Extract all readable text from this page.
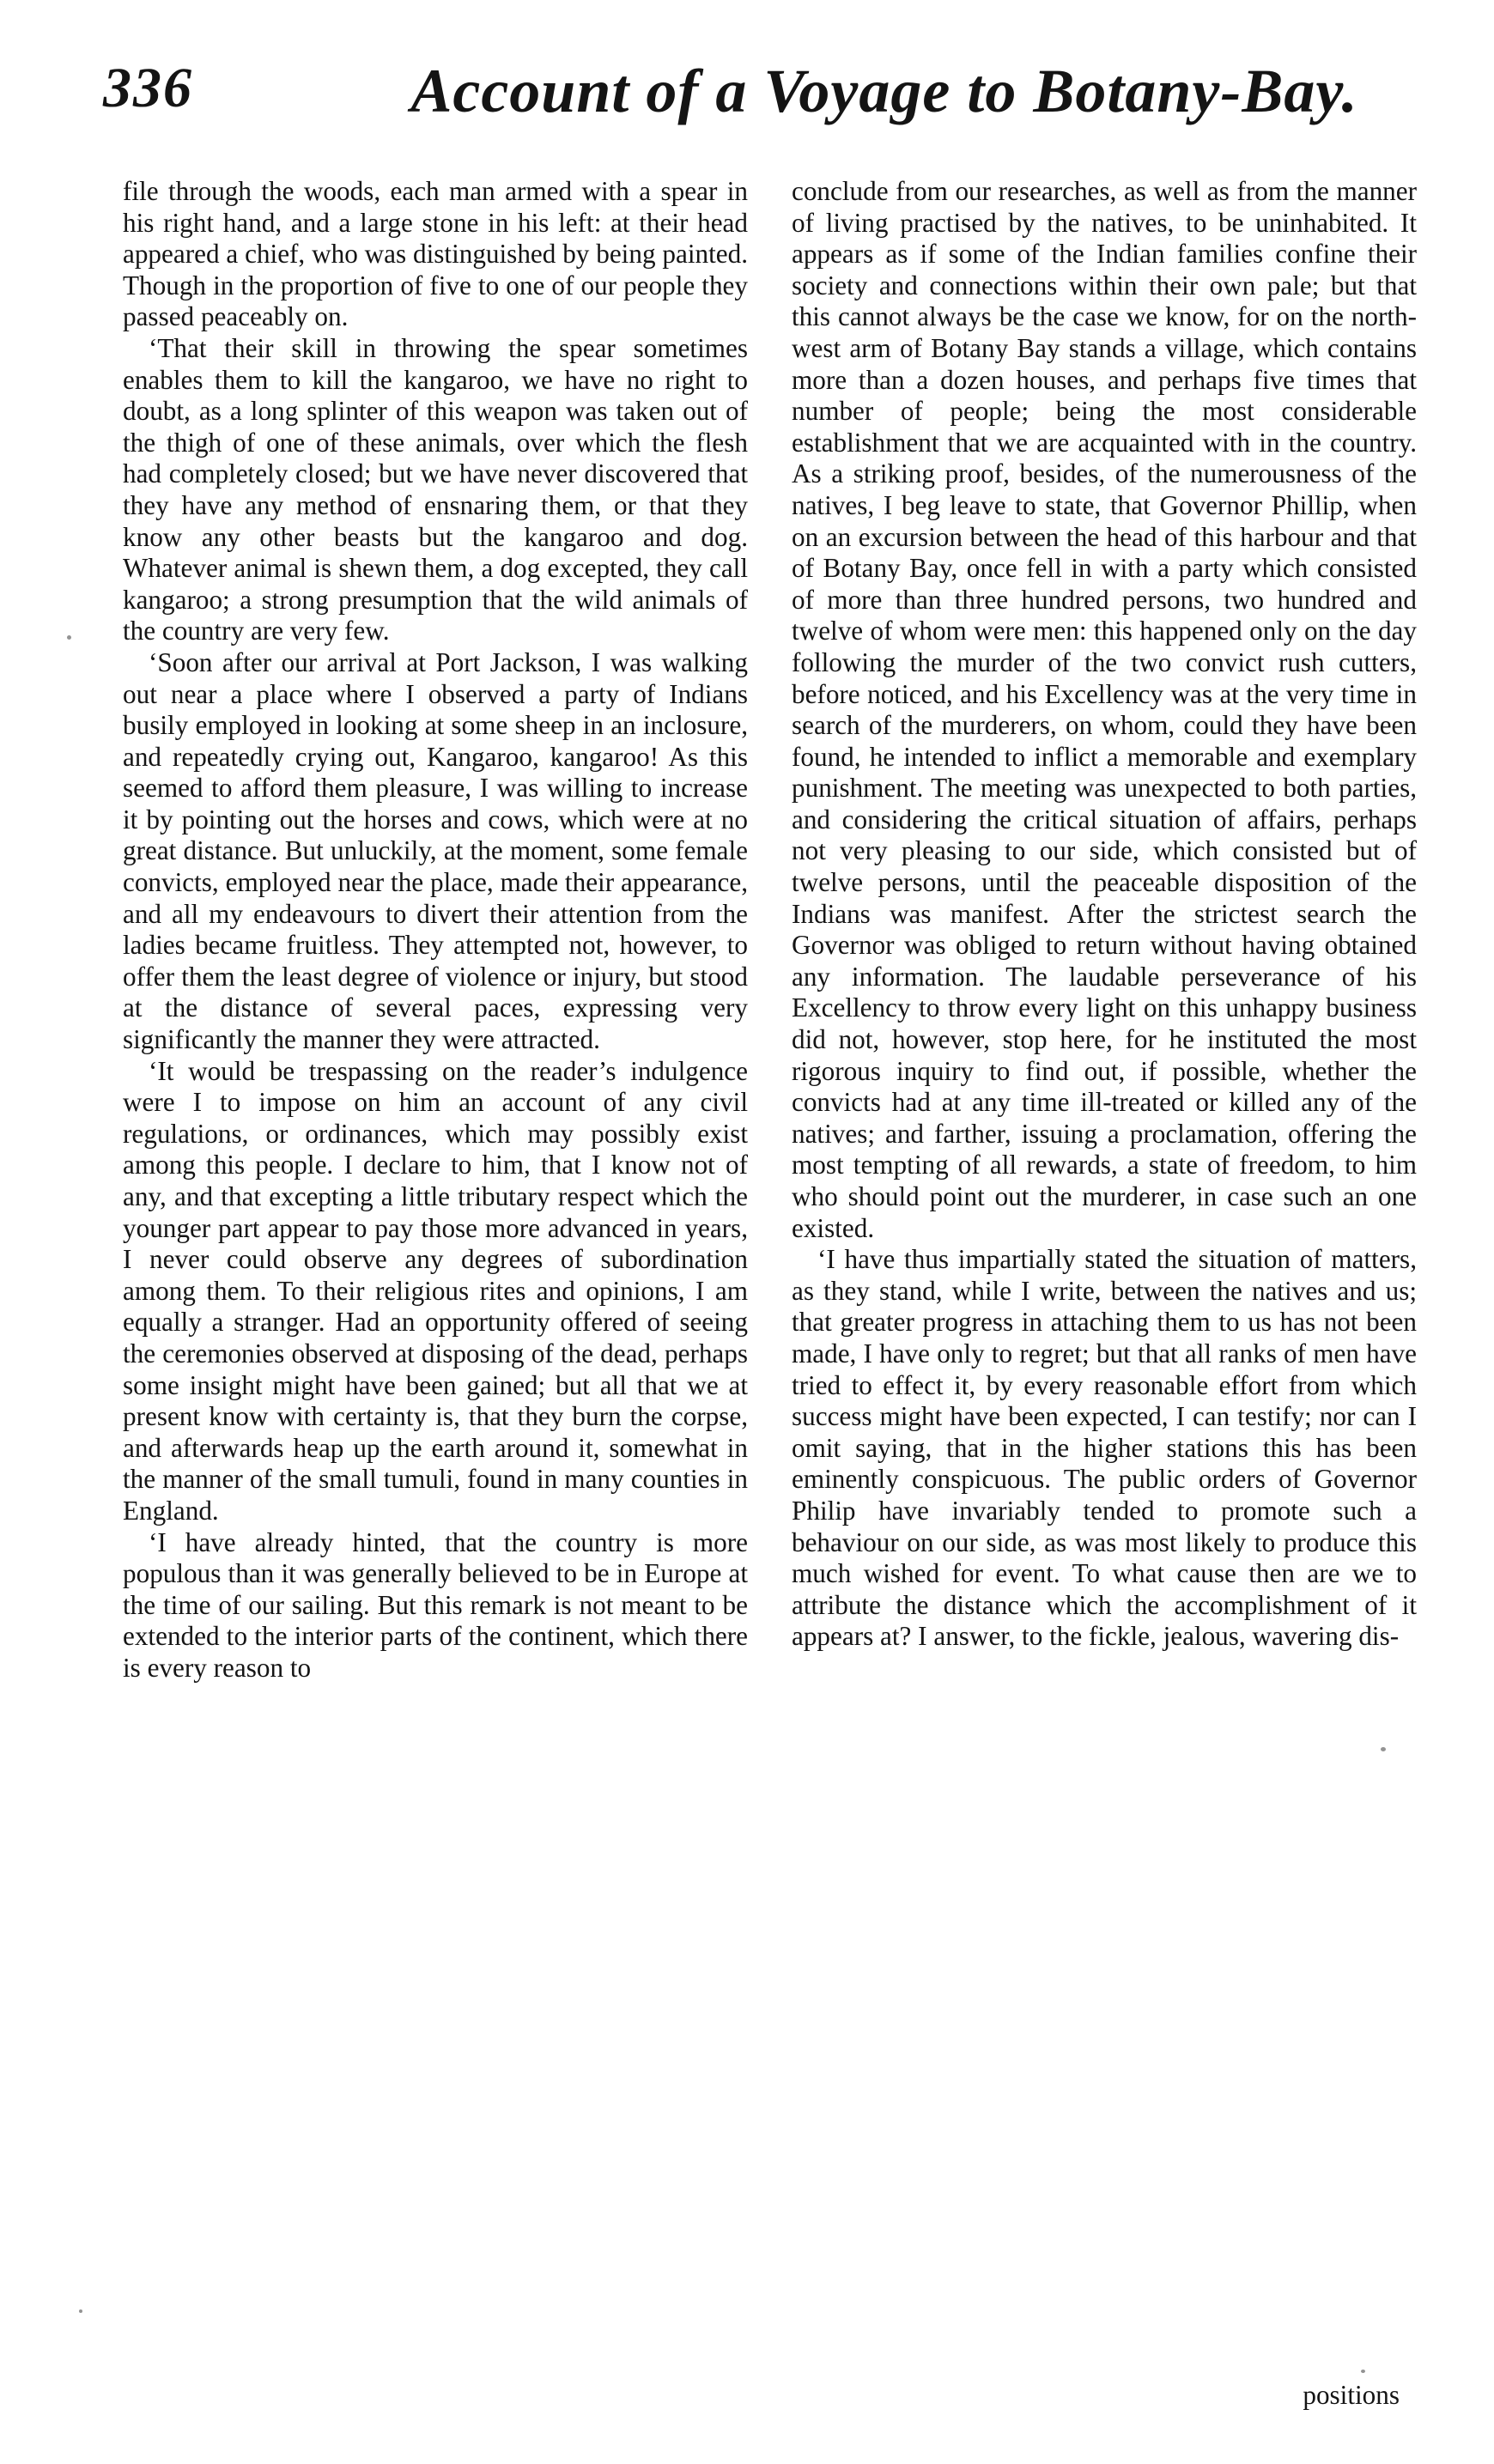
336	Account of a Voyage to Botany-Bay.

file through the woods, each man armed with a spear in his right hand, and a large stone in his left: at their head appeared a chief, who was distinguished by being painted. Though in the proportion of five to one of our people they passed peaceably on.

‘That their skill in throwing the spear sometimes enables them to kill the kangaroo, we have no right to doubt, as a long splinter of this weapon was taken out of the thigh of one of these animals, over which the flesh had completely closed; but we have never discovered that they have any method of ensnaring them, or that they know any other beasts but the kangaroo and dog. Whatever animal is shewn them, a dog excepted, they call kangaroo; a strong presumption that the wild animals of the country are very few.

‘Soon after our arrival at Port Jackson, I was walking out near a place where I observed a party of Indians busily employed in looking at some sheep in an inclosure, and repeatedly crying out, Kangaroo, kangaroo! As this seemed to afford them pleasure, I was willing to increase it by pointing out the horses and cows, which were at no great distance. But unluckily, at the moment, some female convicts, employed near the place, made their appearance, and all my endeavours to divert their attention from the ladies became fruitless. They attempted not, however, to offer them the least degree of violence or injury, but stood at the distance of several paces, expressing very significantly the manner they were attracted.

‘It would be trespassing on the reader’s indulgence were I to impose on him an account of any civil regulations, or ordinances, which may possibly exist among this people. I declare to him, that I know not of any, and that excepting a little tributary respect which the younger part appear to pay those more advanced in years, I never could observe any degrees of subordination among them. To their religious rites and opinions, I am equally a stranger. Had an opportunity offered of seeing the ceremonies observed at disposing of the dead, perhaps some insight might have been gained; but all that we at present know with certainty is, that they burn the corpse, and afterwards heap up the earth around it, somewhat in the manner of the small tumuli, found in many counties in England.

‘I have already hinted, that the country is more populous than it was generally believed to be in Europe at the time of our sailing. But this remark is not meant to be extended to the interior parts of the continent, which there is every reason to

conclude from our researches, as well as from the manner of living practised by the natives, to be uninhabited. It appears as if some of the Indian families confine their society and connections within their own pale; but that this cannot always be the case we know, for on the north-west arm of Botany Bay stands a village, which contains more than a dozen houses, and perhaps five times that number of people; being the most considerable establishment that we are acquainted with in the country. As a striking proof, besides, of the numerousness of the natives, I beg leave to state, that Governor Phillip, when on an excursion between the head of this harbour and that of Botany Bay, once fell in with a party which consisted of more than three hundred persons, two hundred and twelve of whom were men: this happened only on the day following the murder of the two convict rush cutters, before noticed, and his Excellency was at the very time in search of the murderers, on whom, could they have been found, he intended to inflict a memorable and exemplary punishment. The meeting was unexpected to both parties, and considering the critical situation of affairs, perhaps not very pleasing to our side, which consisted but of twelve persons, until the peaceable disposition of the Indians was manifest. After the strictest search the Governor was obliged to return without having obtained any information. The laudable perseverance of his Excellency to throw every light on this unhappy business did not, however, stop here, for he instituted the most rigorous inquiry to find out, if possible, whether the convicts had at any time ill-treated or killed any of the natives; and farther, issuing a proclamation, offering the most tempting of all rewards, a state of freedom, to him who should point out the murderer, in case such an one existed.

‘I have thus impartially stated the situation of matters, as they stand, while I write, between the natives and us; that greater progress in attaching them to us has not been made, I have only to regret; but that all ranks of men have tried to effect it, by every reasonable effort from which success might have been expected, I can testify; nor can I omit saying, that in the higher stations this has been eminently conspicuous. The public orders of Governor Philip have invariably tended to promote such a behaviour on our side, as was most likely to produce this much wished for event. To what cause then are we to attribute the distance which the accomplishment of it appears at? I answer, to the fickle, jealous, wavering dis-

positions
